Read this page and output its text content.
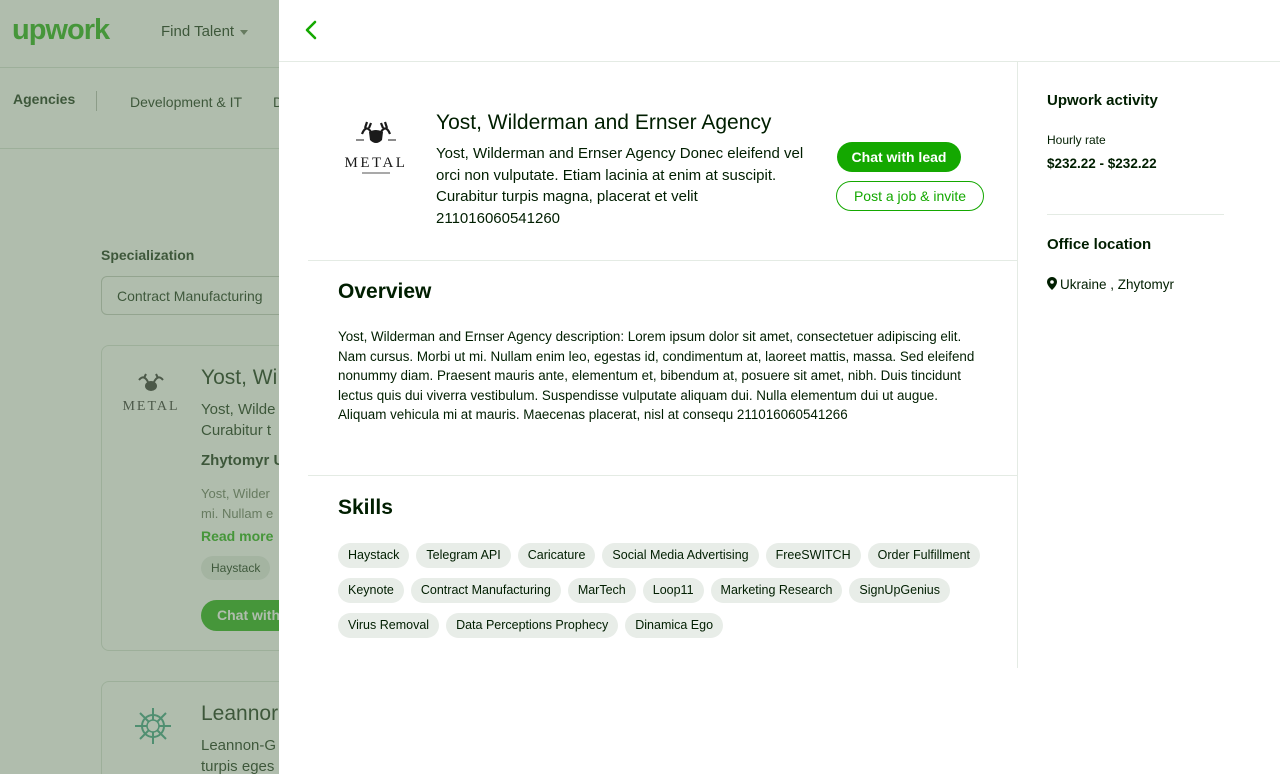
METAL
Yost, Wilderman and Ernser Agency
Yost, Wilderman and Ernser Agency Donec eleifend vel orci non vulputate. Etiam lacinia at enim at suscipit. Curabitur turpis magna, placerat et velit 211016060541260
Chat with lead
Post a job & invite
Overview
Yost, Wilderman and Ernser Agency description: Lorem ipsum dolor sit amet, consectetuer adipiscing elit. Nam cursus. Morbi ut mi. Nullam enim leo, egestas id, condimentum at, laoreet mattis, massa. Sed eleifend nonummy diam. Praesent mauris ante, elementum et, bibendum at, posuere sit amet, nibh. Duis tincidunt lectus quis dui viverra vestibulum. Suspendisse vulputate aliquam dui. Nulla elementum dui ut augue. Aliquam vehicula mi at mauris. Maecenas placerat, nisl at consequ 211016060541266
Skills
Haystack	Telegram API	Caricature	Social Media Advertising	FreeSWITCH	Order Fulfillment
Keynote	Contract Manufacturing	MarTech	Loop11	Marketing Research	SignUpGenius
Virus Removal	Data Perceptions Prophecy	Dinamica Ego
Upwork activity
Hourly rate
$232.22 - $232.22
Office location
Ukraine , Zhytomyr
